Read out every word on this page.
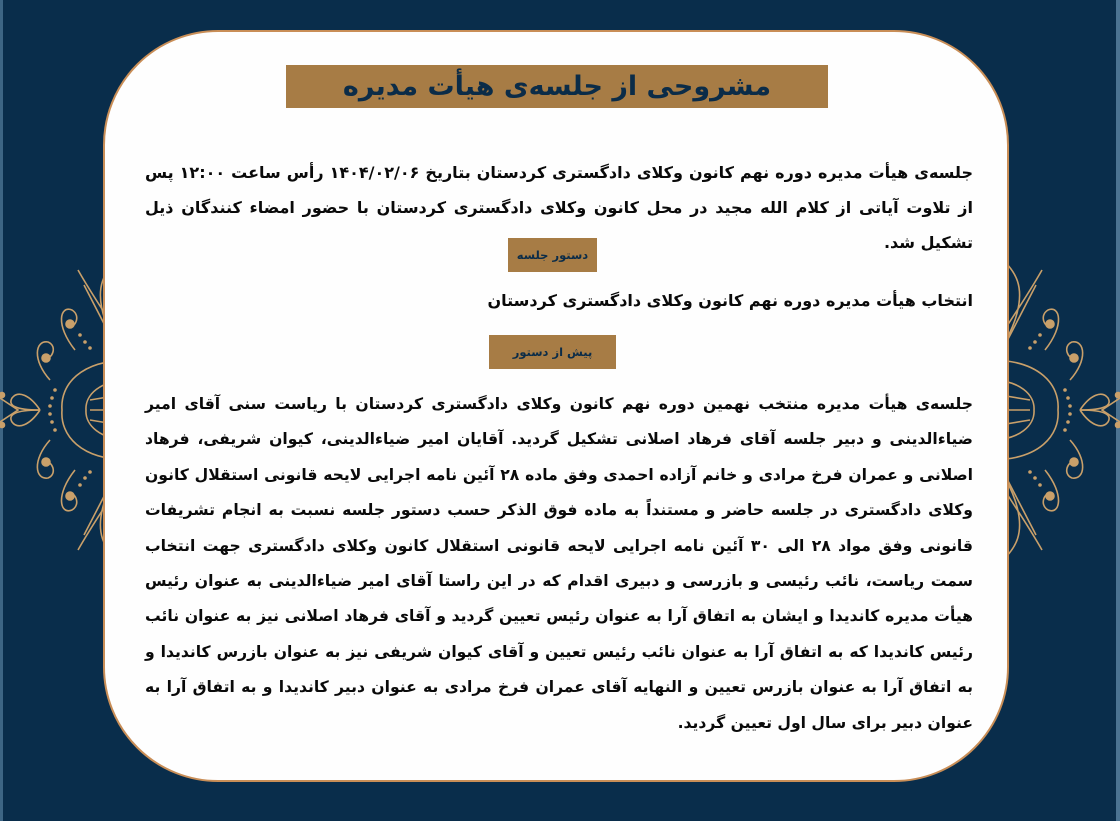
مشروحی از جلسه‌ی هیأت مدیره

جلسه‌ی هیأت مدیره دوره نهم کانون وکلای دادگستری کردستان بتاریخ ۱۴۰۴/۰۲/۰۶ رأس ساعت ۱۲:۰۰ پس از تلاوت آیاتی از کلام الله مجید در محل کانون وکلای دادگستری کردستان با حضور امضاء کنندگان ذیل تشکیل شد.

دستور جلسه
انتخاب هیأت مدیره دوره نهم کانون وکلای دادگستری کردستان
پیش از دستور

جلسه‌ی هیأت مدیره منتخب نهمین دوره نهم کانون وکلای دادگستری کردستان با ریاست سنی آقای امیر ضیاءالدینی و دبیر جلسه آقای فرهاد اصلانی تشکیل گردید. آقایان امیر ضیاءالدینی، کیوان شریفی، فرهاد اصلانی و عمران فرخ مرادی و خانم آزاده احمدی وفق ماده ۲۸ آئین نامه اجرایی لایحه قانونی استقلال کانون وکلای دادگستری در جلسه حاضر و مستنداً به ماده فوق الذکر حسب دستور جلسه نسبت به انجام تشریفات قانونی وفق مواد ۲۸ الی ۳۰ آئین نامه اجرایی لایحه قانونی استقلال کانون وکلای دادگستری جهت انتخاب سمت ریاست، نائب رئیسی و بازرسی و دبیری اقدام که در این راستا آقای امیر ضیاءالدینی به عنوان رئیس هیأت مدیره کاندیدا و ایشان به اتفاق آرا به عنوان رئیس تعیین گردید و آقای فرهاد اصلانی نیز به عنوان نائب رئیس کاندیدا که به اتفاق آرا به عنوان نائب رئیس تعیین و آقای کیوان شریفی نیز به عنوان بازرس کاندیدا و به اتفاق آرا به عنوان بازرس تعیین و النهایه آقای عمران فرخ مرادی به عنوان دبیر کاندیدا و به اتفاق آرا به عنوان دبیر برای سال اول تعیین گردید.
